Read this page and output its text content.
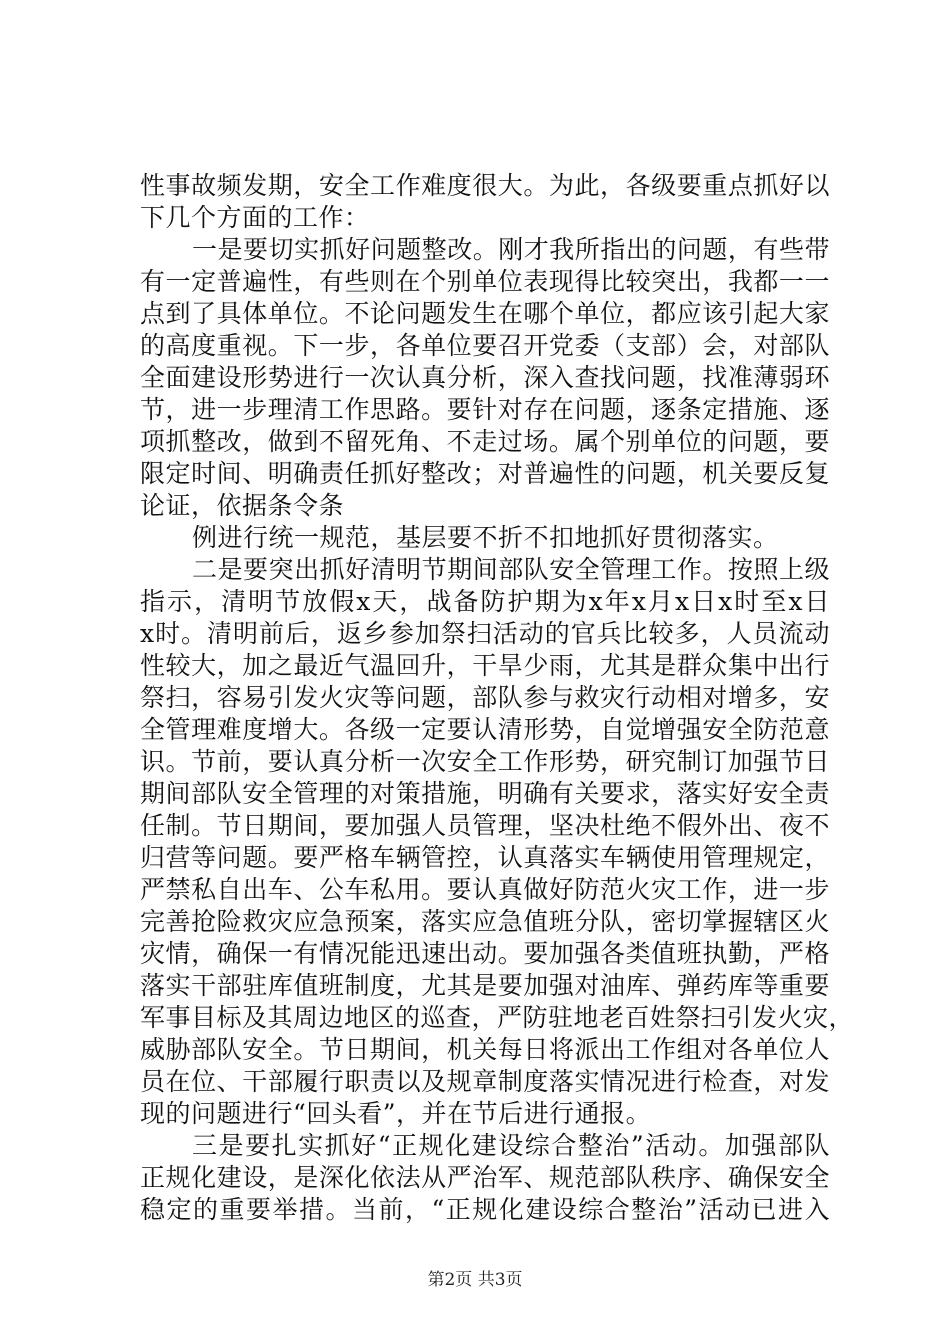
性事故频发期，安全工作难度很大。为此，各级要重点抓好以
下几个方面的工作：
一是要切实抓好问题整改。刚才我所指出的问题，有些带
有一定普遍性，有些则在个别单位表现得比较突出，我都一一
点到了具体单位。不论问题发生在哪个单位，都应该引起大家
的高度重视。下一步，各单位要召开党委（支部）会，对部队
全面建设形势进行一次认真分析，深入查找问题，找准薄弱环
节，进一步理清工作思路。要针对存在问题，逐条定措施、逐
项抓整改，做到不留死角、不走过场。属个别单位的问题，要
限定时间、明确责任抓好整改；对普遍性的问题，机关要反复
论证，依据条令条
例进行统一规范，基层要不折不扣地抓好贯彻落实。
二是要突出抓好清明节期间部队安全管理工作。按照上级
指示，清明节放假x天，战备防护期为x年x月x日x时至x日
x时。清明前后，返乡参加祭扫活动的官兵比较多，人员流动
性较大，加之最近气温回升，干旱少雨，尤其是群众集中出行
祭扫，容易引发火灾等问题，部队参与救灾行动相对增多，安
全管理难度增大。各级一定要认清形势，自觉增强安全防范意
识。节前，要认真分析一次安全工作形势，研究制订加强节日
期间部队安全管理的对策措施，明确有关要求，落实好安全责
任制。节日期间，要加强人员管理，坚决杜绝不假外出、夜不
归营等问题。要严格车辆管控，认真落实车辆使用管理规定，
严禁私自出车、公车私用。要认真做好防范火灾工作，进一步
完善抢险救灾应急预案，落实应急值班分队，密切掌握辖区火
灾情，确保一有情况能迅速出动。要加强各类值班执勤，严格
落实干部驻库值班制度，尤其是要加强对油库、弹药库等重要
军事目标及其周边地区的巡查，严防驻地老百姓祭扫引发火灾，
威胁部队安全。节日期间，机关每日将派出工作组对各单位人
员在位、干部履行职责以及规章制度落实情况进行检查，对发
现的问题进行“回头看”，并在节后进行通报。
三是要扎实抓好“正规化建设综合整治”活动。加强部队
正规化建设，是深化依法从严治军、规范部队秩序、确保安全
稳定的重要举措。当前，“正规化建设综合整治”活动已进入
第2页 共3页
